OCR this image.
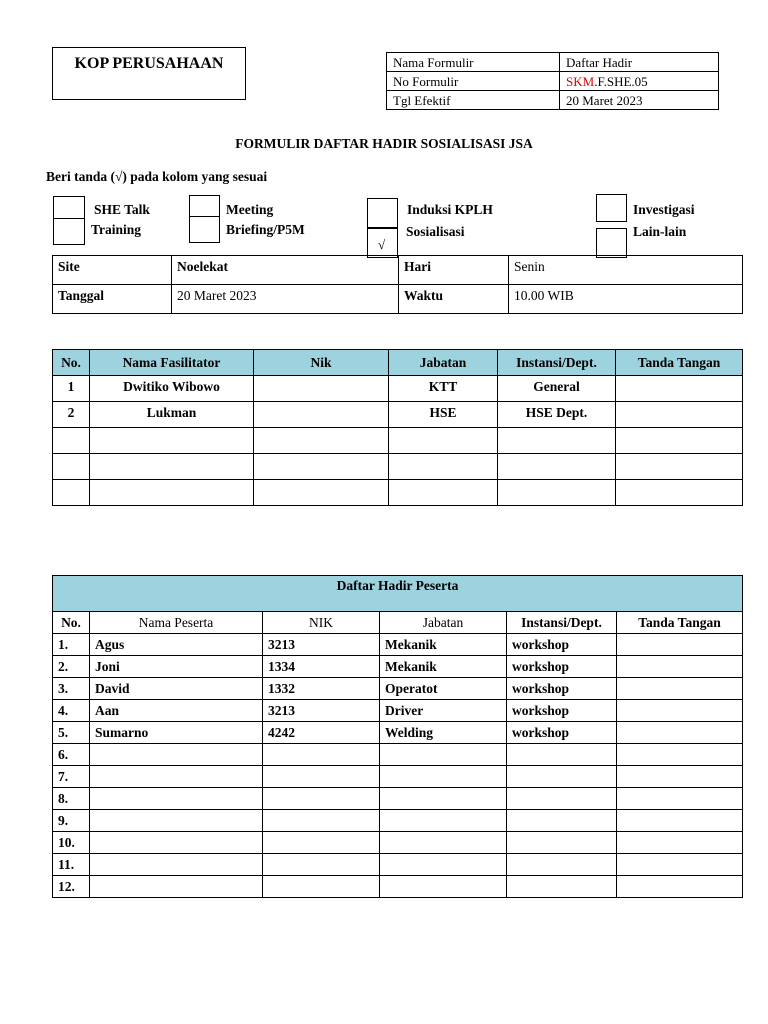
KOP PERUSAHAAN	Nama Formulir	Daftar Hadir
No Formulir	SKM.F.SHE.05
Tgl Efektif	20 Maret 2023
FORMULIR DAFTAR HADIR SOSIALISASI JSA
Beri tanda (√) pada kolom yang sesuai
SHE Talk
Training
Meeting
Briefing/P5M
√
Induksi KPLH
Sosialisasi
Investigasi
Lain-lain
Site	Noelekat	Hari	Senin
Tanggal	20 Maret 2023	Waktu	10.00 WIB
No.	Nama Fasilitator	Nik	Jabatan	Instansi/Dept.	Tanda Tangan
1	Dwitiko Wibowo		KTT	General	
2	Lukman		HSE	HSE Dept.	

Daftar Hadir Peserta					
No.	Nama Peserta	NIK	Jabatan	Instansi/Dept.	Tanda Tangan
1.	Agus	3213	Mekanik	workshop	
2.	Joni	1334	Mekanik	workshop	
3.	David	1332	Operatot	workshop	
4.	Aan	3213	Driver	workshop	
5.	Sumarno	4242	Welding	workshop	
6.					
7.					
8.					
9.					
10.					
11.					
12.					
